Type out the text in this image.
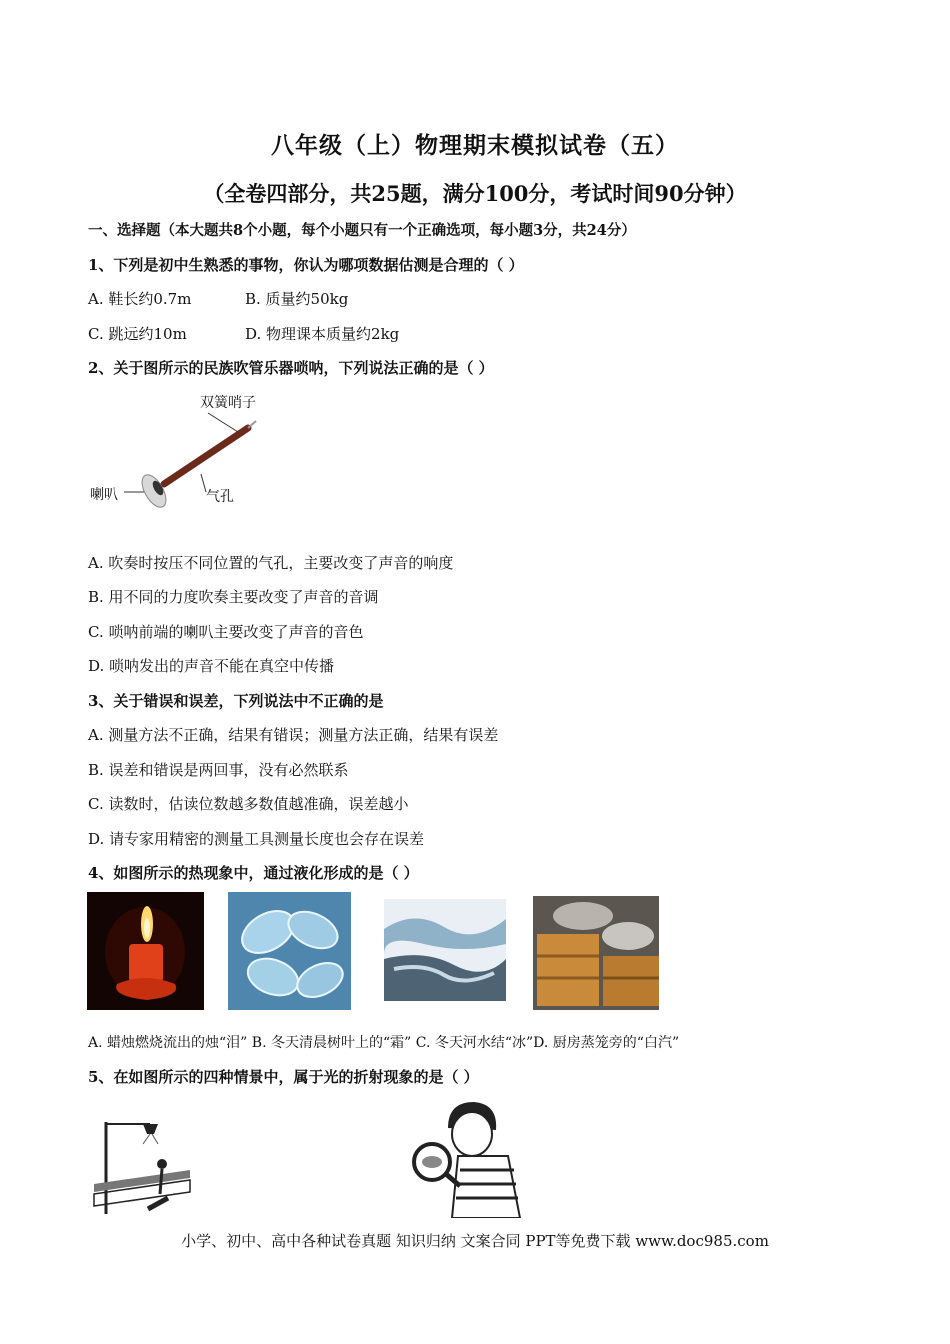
八年级（上）物理期末模拟试卷（五）
（全卷四部分，共25题，满分100分，考试时间90分钟）
一、选择题（本大题共8个小题，每个小题只有一个正确选项，每小题3分，共24分）
1、下列是初中生熟悉的事物，你认为哪项数据估测是合理的（ ）
A. 鞋长约0.7m	B. 质量约50kg
C. 跳远约10m	D. 物理课本质量约2kg
2、关于图所示的民族吹管乐器唢呐，下列说法正确的是（ ）
双簧哨子
喇叭	气孔
A. 吹奏时按压不同位置的气孔，主要改变了声音的响度
B. 用不同的力度吹奏主要改变了声音的音调
C. 唢呐前端的喇叭主要改变了声音的音色
D. 唢呐发出的声音不能在真空中传播
3、关于错误和误差，下列说法中不正确的是
A. 测量方法不正确，结果有错误；测量方法正确，结果有误差
B. 误差和错误是两回事，没有必然联系
C. 读数时，估读位数越多数值越准确，误差越小
D. 请专家用精密的测量工具测量长度也会存在误差
4、如图所示的热现象中，通过液化形成的是（ ）
A. 蜡烛燃烧流出的烛“泪” B. 冬天清晨树叶上的“霜” C. 冬天河水结“冰”D. 厨房蒸笼旁的“白汽”
5、在如图所示的四种情景中，属于光的折射现象的是（ ）
小学、初中、高中各种试卷真题 知识归纳 文案合同 PPT等免费下载 www.doc985.com
